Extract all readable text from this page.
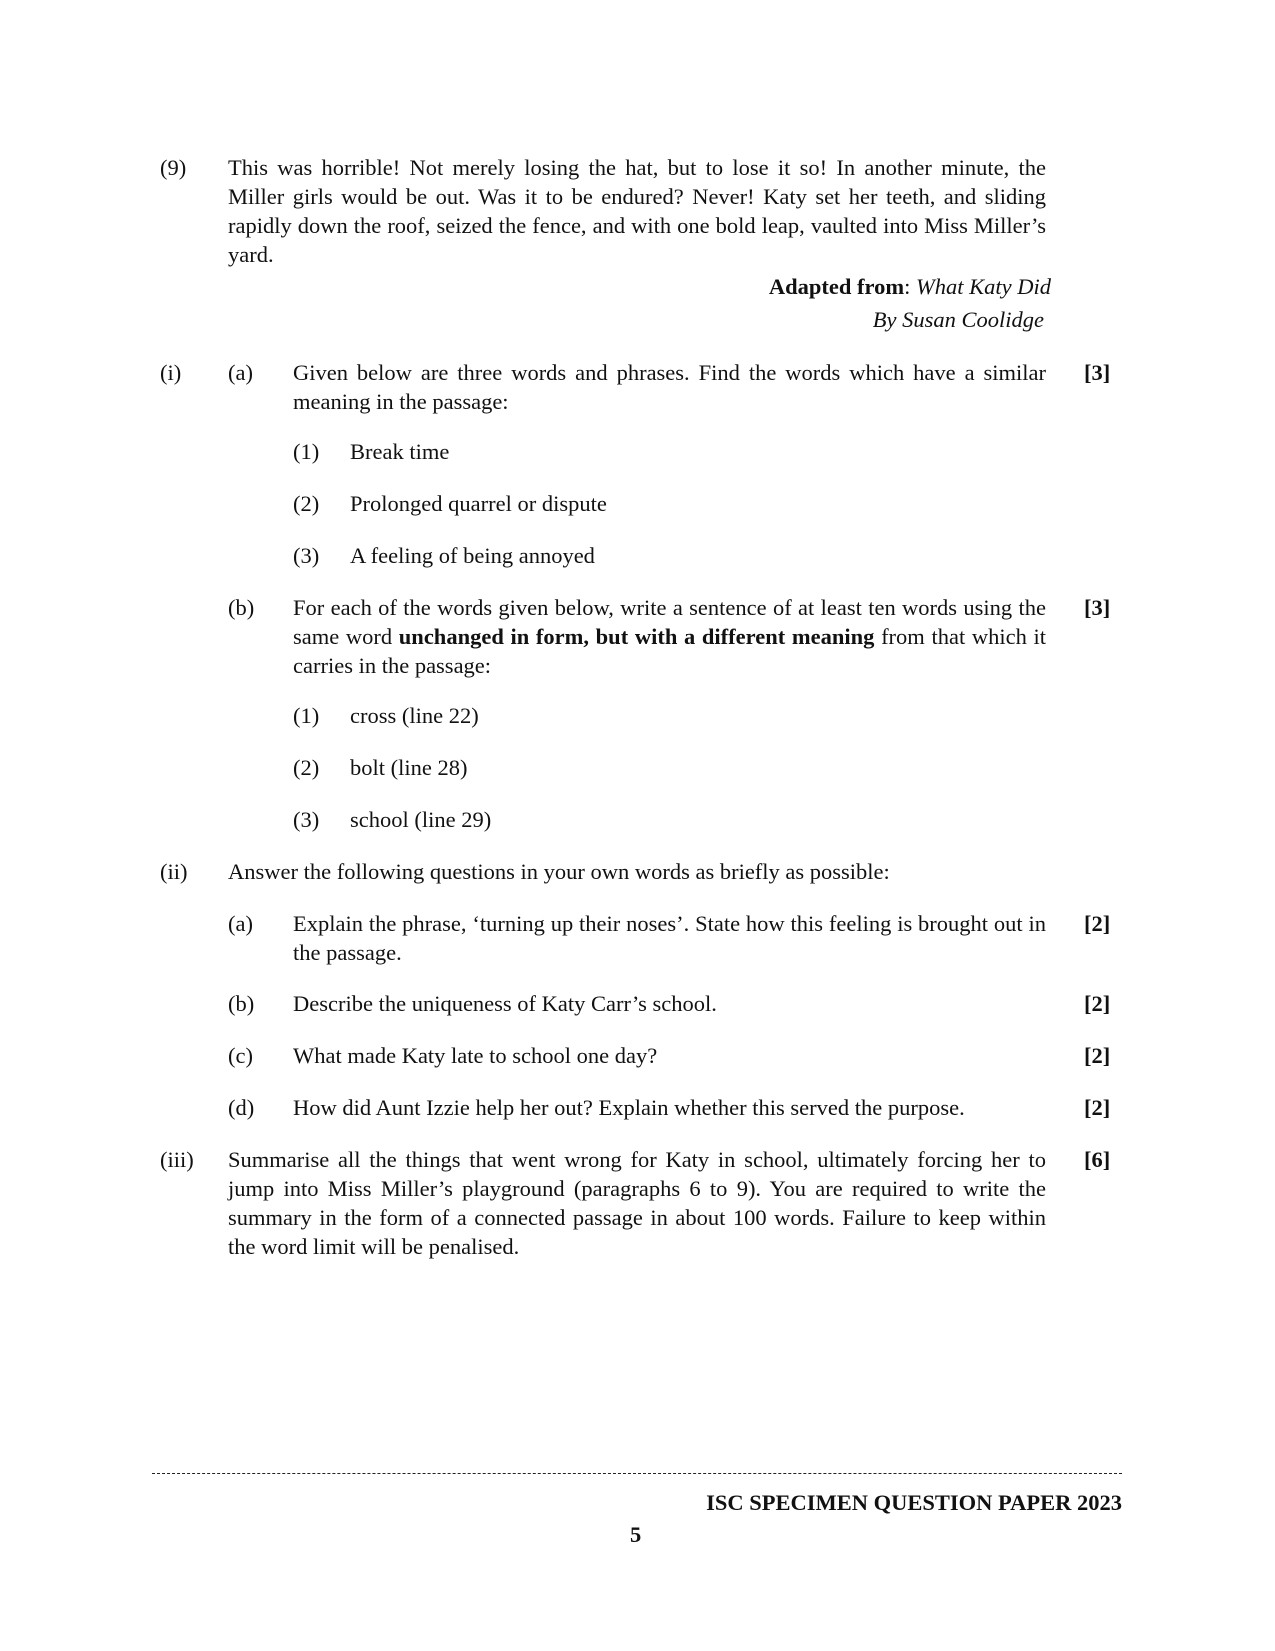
(9) This was horrible! Not merely losing the hat, but to lose it so! In another minute, the Miller girls would be out. Was it to be endured? Never! Katy set her teeth, and sliding rapidly down the roof, seized the fence, and with one bold leap, vaulted into Miss Miller’s yard.
Adapted from: What Katy Did
By Susan Coolidge
(i) (a) Given below are three words and phrases. Find the words which have a similar meaning in the passage:
[3]
(1) Break time
(2) Prolonged quarrel or dispute
(3) A feeling of being annoyed
(b) For each of the words given below, write a sentence of at least ten words using the same word unchanged in form, but with a different meaning from that which it carries in the passage:
[3]
(1) cross (line 22)
(2) bolt (line 28)
(3) school (line 29)
(ii) Answer the following questions in your own words as briefly as possible:
(a) Explain the phrase, ‘turning up their noses’. State how this feeling is brought out in the passage.
[2]
(b) Describe the uniqueness of Katy Carr’s school.	[2]
(c) What made Katy late to school one day?	[2]
(d) How did Aunt Izzie help her out? Explain whether this served the purpose.	[2]
(iii) Summarise all the things that went wrong for Katy in school, ultimately forcing her to jump into Miss Miller’s playground (paragraphs 6 to 9). You are required to write the summary in the form of a connected passage in about 100 words. Failure to keep within the word limit will be penalised.
[6]
ISC SPECIMEN QUESTION PAPER 2023
5
